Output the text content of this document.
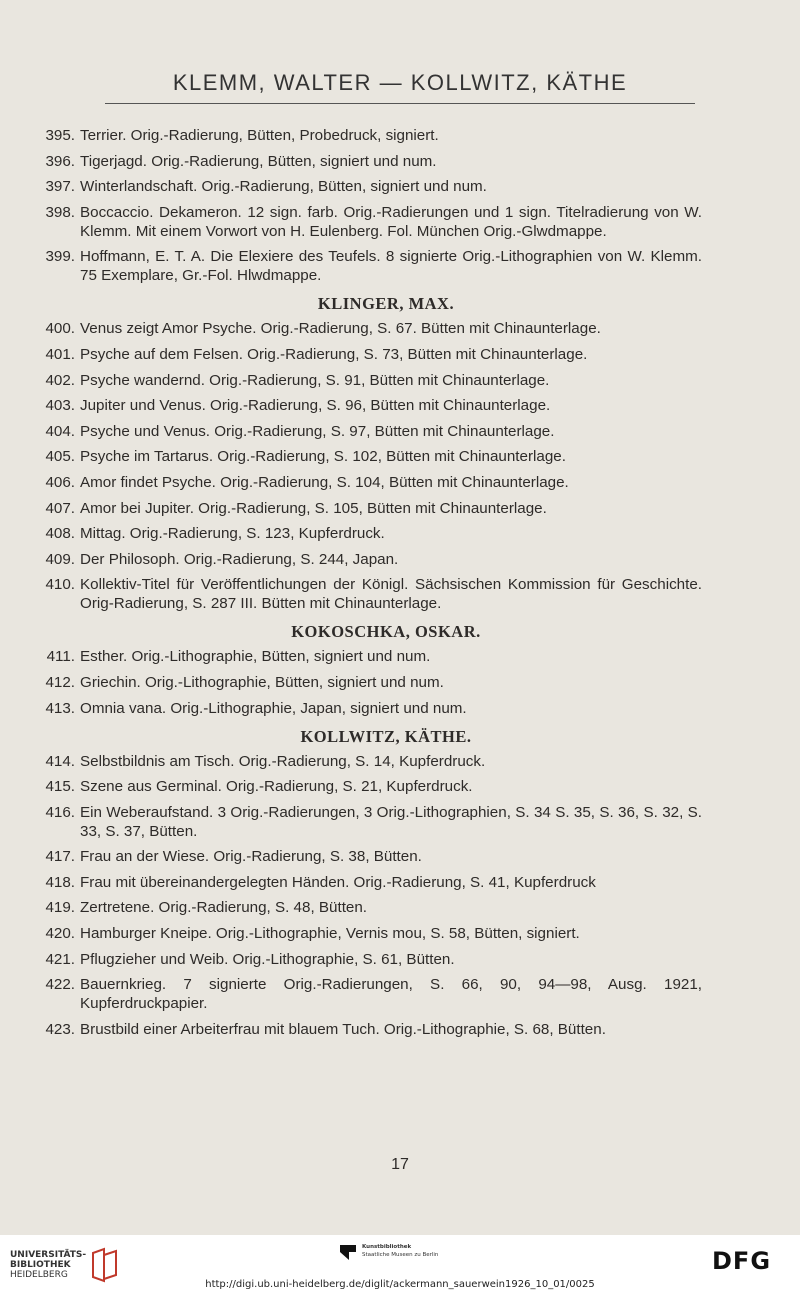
KLEMM, WALTER — KOLLWITZ, KÄTHE
395. Terrier. Orig.-Radierung, Bütten, Probedruck, signiert.
396. Tigerjagd. Orig.-Radierung, Bütten, signiert und num.
397. Winterlandschaft. Orig.-Radierung, Bütten, signiert und num.
398. Boccaccio. Dekameron. 12 sign. farb. Orig.-Radierungen und 1 sign. Titelradierung von W. Klemm. Mit einem Vorwort von H. Eulenberg. Fol. München Orig.-Glwdmappe.
399. Hoffmann, E. T. A. Die Elexiere des Teufels. 8 signierte Orig.-Lithographien von W. Klemm. 75 Exemplare, Gr.-Fol. Hlwdmappe.
KLINGER, MAX.
400. Venus zeigt Amor Psyche. Orig.-Radierung, S. 67. Bütten mit Chinaunterlage.
401. Psyche auf dem Felsen. Orig.-Radierung, S. 73, Bütten mit Chinaunterlage.
402. Psyche wandernd. Orig.-Radierung, S. 91, Bütten mit Chinaunterlage.
403. Jupiter und Venus. Orig.-Radierung, S. 96, Bütten mit Chinaunterlage.
404. Psyche und Venus. Orig.-Radierung, S. 97, Bütten mit Chinaunterlage.
405. Psyche im Tartarus. Orig.-Radierung, S. 102, Bütten mit Chinaunterlage.
406. Amor findet Psyche. Orig.-Radierung, S. 104, Bütten mit Chinaunterlage.
407. Amor bei Jupiter. Orig.-Radierung, S. 105, Bütten mit Chinaunterlage.
408. Mittag. Orig.-Radierung, S. 123, Kupferdruck.
409. Der Philosoph. Orig.-Radierung, S. 244, Japan.
410. Kollektiv-Titel für Veröffentlichungen der Königl. Sächsischen Kommission für Geschichte. Orig-Radierung, S. 287 III. Bütten mit Chinaunterlage.
KOKOSCHKA, OSKAR.
411. Esther. Orig.-Lithographie, Bütten, signiert und num.
412. Griechin. Orig.-Lithographie, Bütten, signiert und num.
413. Omnia vana. Orig.-Lithographie, Japan, signiert und num.
KOLLWITZ, KÄTHE.
414. Selbstbildnis am Tisch. Orig.-Radierung, S. 14, Kupferdruck.
415. Szene aus Germinal. Orig.-Radierung, S. 21, Kupferdruck.
416. Ein Weberaufstand. 3 Orig.-Radierungen, 3 Orig.-Lithographien, S. 34 S. 35, S. 36, S. 32, S. 33, S. 37, Bütten.
417. Frau an der Wiese. Orig.-Radierung, S. 38, Bütten.
418. Frau mit übereinandergelegten Händen. Orig.-Radierung, S. 41, Kupferdruck
419. Zertretene. Orig.-Radierung, S. 48, Bütten.
420. Hamburger Kneipe. Orig.-Lithographie, Vernis mou, S. 58, Bütten, signiert.
421. Pflugzieher und Weib. Orig.-Lithographie, S. 61, Bütten.
422. Bauernkrieg. 7 signierte Orig.-Radierungen, S. 66, 90, 94—98, Ausg. 1921, Kupferdruckpapier.
423. Brustbild einer Arbeiterfrau mit blauem Tuch. Orig.-Lithographie, S. 68, Bütten.
17
UNIVERSITÄTS-
BIBLIOTHEK
HEIDELBERG
Kunstbibliothek
Staatliche Museen zu Berlin	DFG
http://digi.ub.uni-heidelberg.de/diglit/ackermann_sauerwein1926_10_01/0025
